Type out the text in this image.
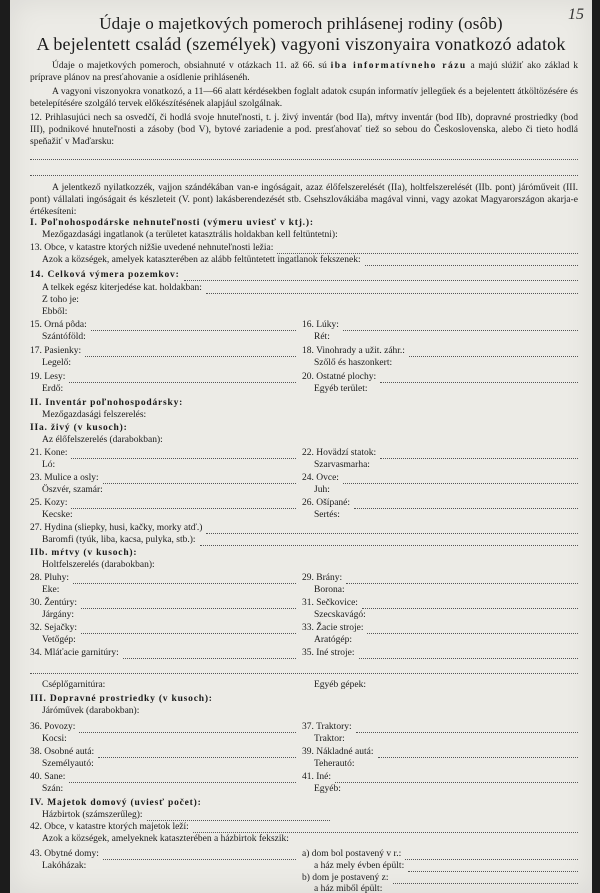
15
Údaje o majetkových pomeroch prihlásenej rodiny (osôb)
A bejelentett család (személyek) vagyoni viszonyaira vonatkozó adatok
Údaje o majetkových pomeroch, obsiahnuté v otázkach 11. až 66. sú iba informatívneho rázu a majú slúžiť ako základ k príprave plánov na presťahovanie a osídlenie prihlásenéh.
A vagyoni viszonyokra vonatkozó, a 11—66 alatt kérdésekben foglalt adatok csupán informatív jellegűek és a bejelentett átköltözésére és betelepítésére szolgáló tervek előkészítésének alapjául szolgálnak.
12. Prihlasujúci nech sa osvedčí, či hodlá svoje hnuteľnosti, t. j. živý inventár (bod IIa), mŕtvy inventár (bod IIb), dopravné prostriedky (bod III), podnikové hnuteľnosti a zásoby (bod V), bytové zariadenie a pod. presťahovať tiež so sebou do Československa, alebo či tieto hodlá speňažiť v Maďarsku:
A jelentkező nyilatkozzék, vajjon szándékában van-e ingóságait, azaz élőfelszerelését (IIa), holtfelszerelését (IIb. pont) járóműveit (III. pont) vállalati ingóságait és készleteit (V. pont) lakásberendezését stb. Csehszlovákiába magával vinni, vagy azokat Magyarországon akarja-e értékesíteni:
I. Poľnohospodárske nehnuteľnosti (výmeru uviesť v ktj.):
Mezőgazdasági ingatlanok (a területet katasztrális holdakban kell feltüntetni):
13. Obce, v katastre ktorých nižšie uvedené nehnuteľnosti ležia:
Azok a községek, amelyek kataszterében az alább feltüntetett ingatlanok fekszenek:
14. Celková výmera pozemkov:
A telkek egész kiterjedése kat. holdakban:
Z toho je:
Ebből:
15. Orná pôda:	16. Lúky:
Szántóföld:	Rét:
17. Pasienky:	18. Vinohrady a užit. záhr.:
Legelő:	Szőlő és haszonkert:
19. Lesy:	20. Ostatné plochy:
Erdő:	Egyéb terület:
II. Inventár poľnohospodársky:
Mezőgazdasági felszerelés:
IIa. živý (v kusoch):
Az élőfelszerelés (darabokban):
21. Kone:	22. Hovädzí statok:
Ló:	Szarvasmarha:
23. Mulice a osly:	24. Ovce:
Öszvér, szamár:	Juh:
25. Kozy:	26. Ošípané:
Kecske:	Sertés:
27. Hydina (sliepky, husi, kačky, morky atď.)
Baromfi (tyúk, liba, kacsa, pulyka, stb.):
IIb. mŕtvy (v kusoch):
Holtfelszerelés (darabokban):
28. Pluhy:	29. Brány:
Eke:	Borona:
30. Žentúry:	31. Sečkovice:
Járgány:	Szecskavágó:
32. Sejačky:	33. Žacie stroje:
Vetőgép:	Aratógép:
34. Mláťacie garnitúry:	35. Iné stroje:
Cséplőgarnitúra:	Egyéb gépek:
III. Dopravné prostriedky (v kusoch):
Járóművek (darabokban):
36. Povozy:	37. Traktory:
Kocsi:	Traktor:
38. Osobné autá:	39. Nákladné autá:
Személyautó:	Teherautó:
40. Sane:	41. Iné:
Szán:	Egyéb:
IV. Majetok domový (uviesť počet):
Házbirtok (számszerűleg):
42. Obce, v katastre ktorých majetok leží:
Azok a községek, amelyeknek kataszterében a házbirtok fekszik:
43. Obytné domy:	a) dom bol postavený v r.:
Lakóházak:	a ház mely évben épült:
b) dom je postavený z:
a ház miből épült:
